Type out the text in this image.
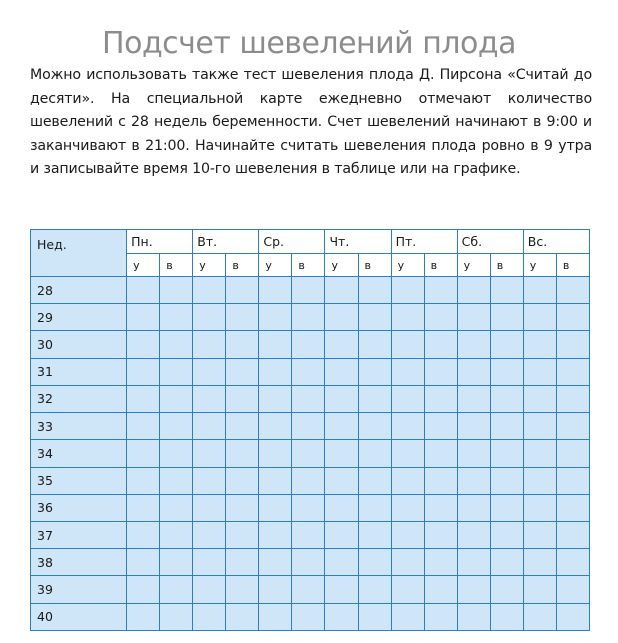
Подсчет шевелений плода

Можно использовать также тест шевеления плода Д. Пирсона «Считай до десяти». На специальной карте ежедневно отмечают количество шевелений с 28 недель беременности. Счет шевелений начинают в 9:00 и заканчивают в 21:00. Начинайте считать шевеления плода ровно в 9 утра и записывайте время 10-го шевеления в таблице или на графике.

Нед.	Пн.		Вт.		Ср.		Чт.		Пт.		Сб.		Вс.	
	у	в	у	в	у	в	у	в	у	в	у	в	у	в
28														
29														
30														
31														
32														
33														
34														
35														
36														
37														
38														
39														
40														
